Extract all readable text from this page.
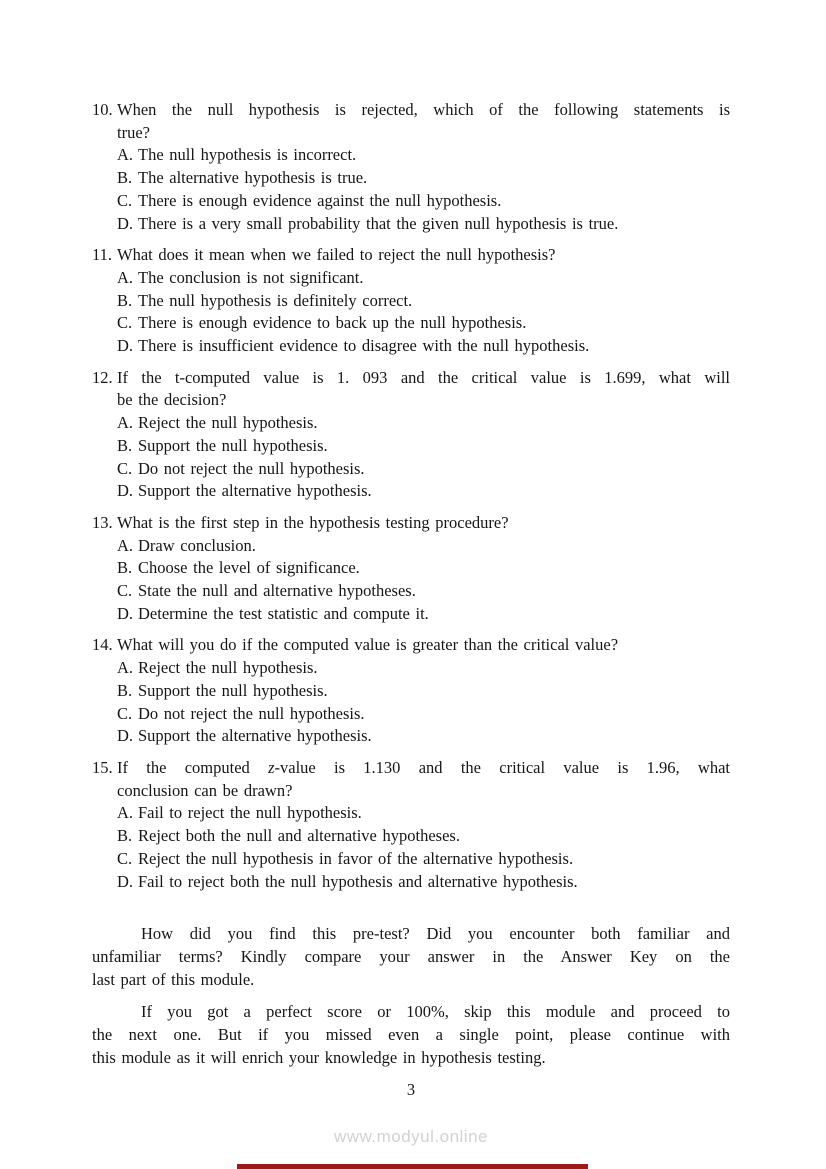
10. When the null hypothesis is rejected, which of the following statements is
true?
A. The null hypothesis is incorrect.
B. The alternative hypothesis is true.
C. There is enough evidence against the null hypothesis.
D. There is a very small probability that the given null hypothesis is true.
11. What does it mean when we failed to reject the null hypothesis?
A. The conclusion is not significant.
B. The null hypothesis is definitely correct.
C. There is enough evidence to back up the null hypothesis.
D. There is insufficient evidence to disagree with the null hypothesis.
12. If the t-computed value is 1. 093 and the critical value is 1.699, what will
be the decision?
A. Reject the null hypothesis.
B. Support the null hypothesis.
C. Do not reject the null hypothesis.
D. Support the alternative hypothesis.
13. What is the first step in the hypothesis testing procedure?
A. Draw conclusion.
B. Choose the level of significance.
C. State the null and alternative hypotheses.
D. Determine the test statistic and compute it.
14. What will you do if the computed value is greater than the critical value?
A. Reject the null hypothesis.
B. Support the null hypothesis.
C. Do not reject the null hypothesis.
D. Support the alternative hypothesis.
15. If the computed z-value is 1.130 and the critical value is 1.96, what
conclusion can be drawn?
A. Fail to reject the null hypothesis.
B. Reject both the null and alternative hypotheses.
C. Reject the null hypothesis in favor of the alternative hypothesis.
D. Fail to reject both the null hypothesis and alternative hypothesis.
How did you find this pre-test? Did you encounter both familiar and
unfamiliar terms? Kindly compare your answer in the Answer Key on the
last part of this module.
If you got a perfect score or 100%, skip this module and proceed to
the next one. But if you missed even a single point, please continue with
this module as it will enrich your knowledge in hypothesis testing.
3
www.modyul.online
